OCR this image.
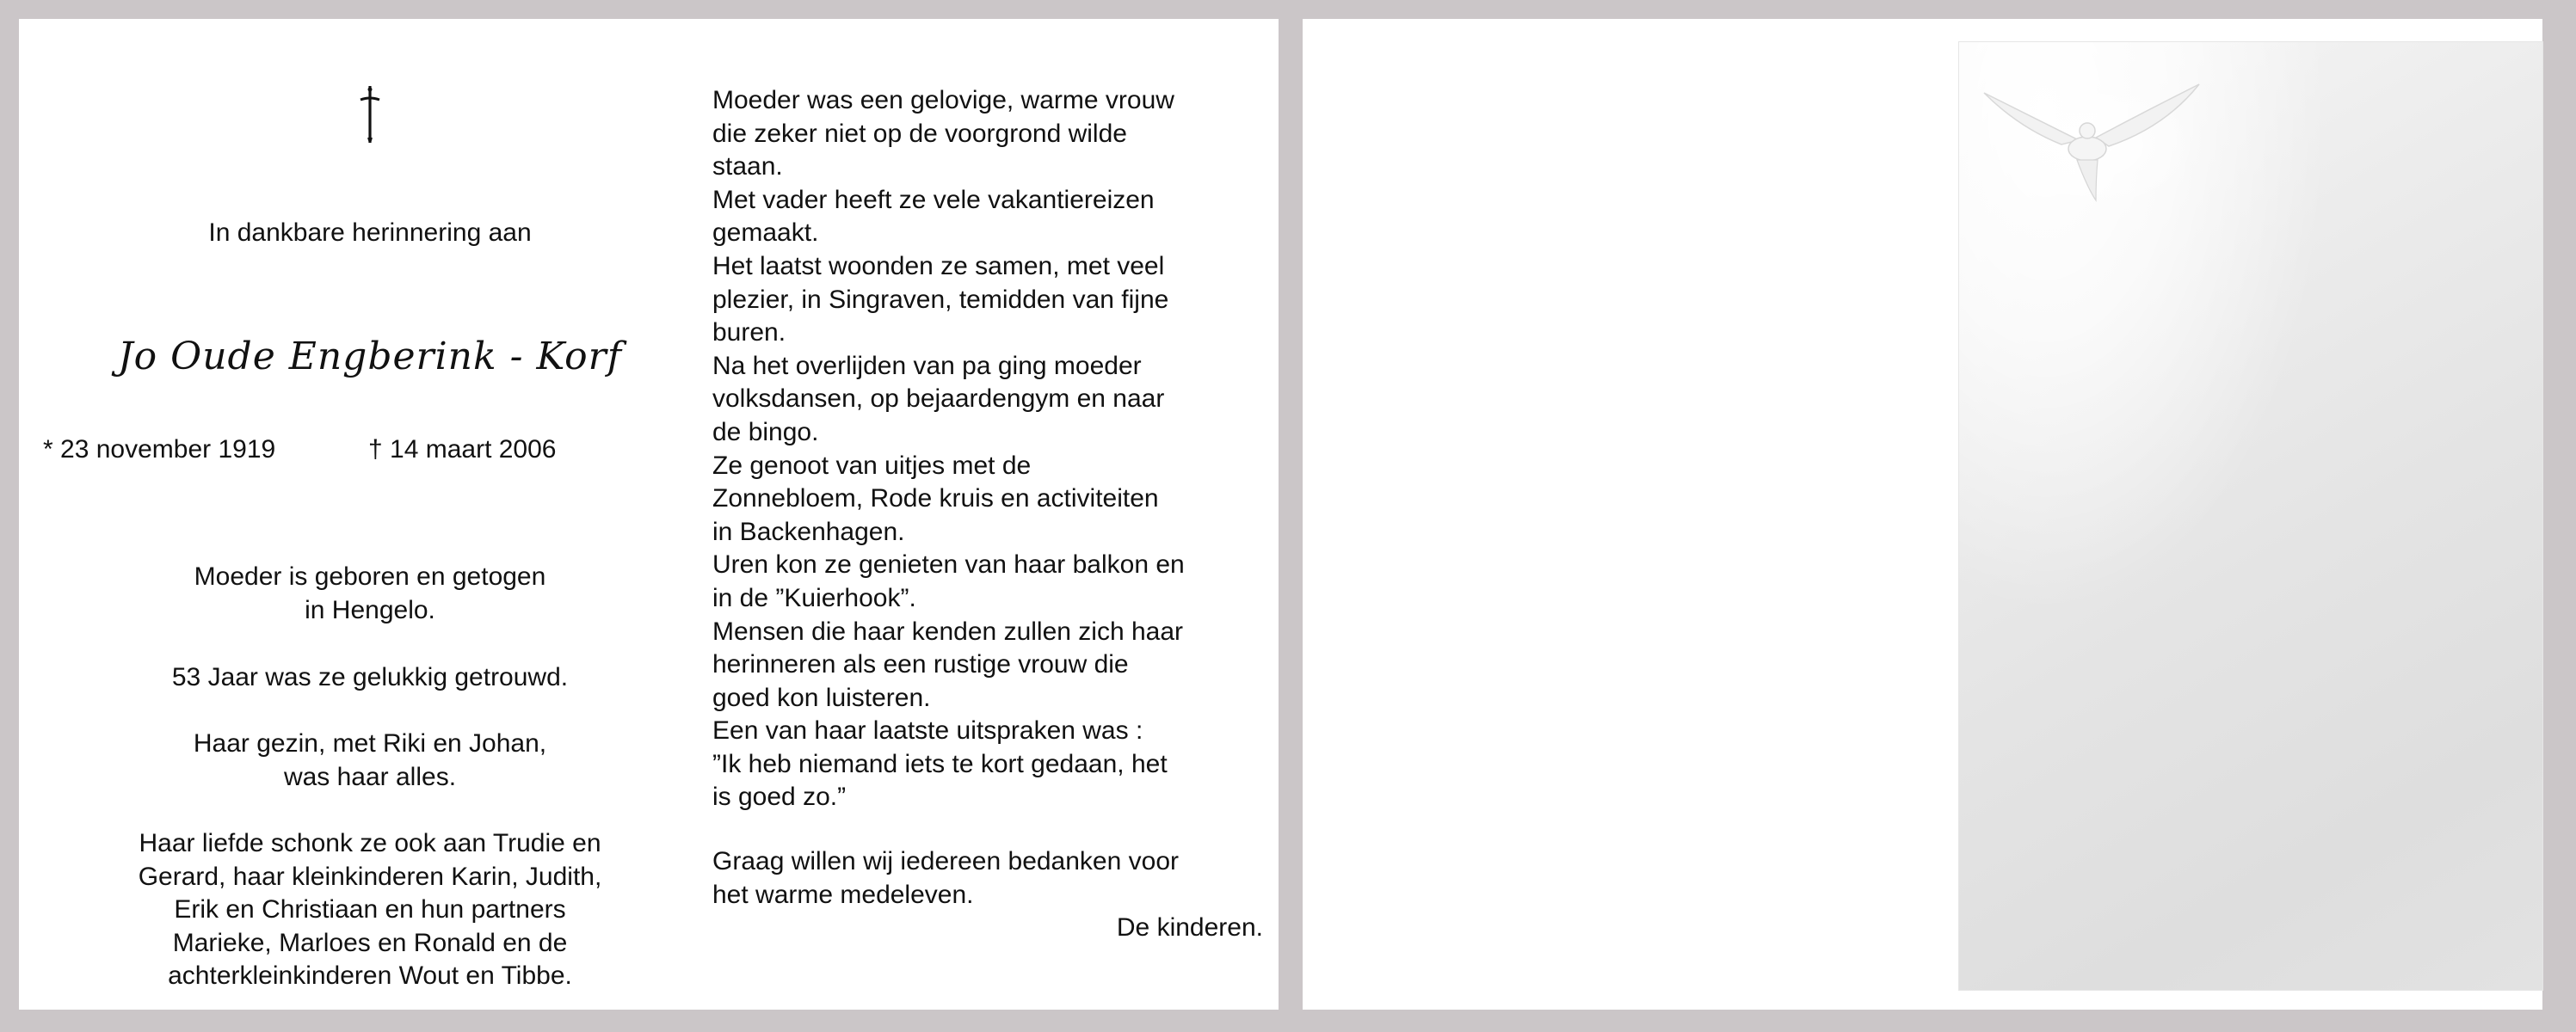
In dankbare herinnering aan
Jo Oude Engberink - Korf
* 23 november 1919	† 14 maart 2006
Moeder is geboren en getogen
in Hengelo.
53 Jaar was ze gelukkig getrouwd.
Haar gezin, met Riki en Johan,
was haar alles.
Haar liefde schonk ze ook aan Trudie en
Gerard, haar kleinkinderen Karin, Judith,
Erik en Christiaan en hun partners
Marieke, Marloes en Ronald en de
achterkleinkinderen Wout en Tibbe.
Moeder was een gelovige, warme vrouw
die zeker niet op de voorgrond wilde
staan.
Met vader heeft ze vele vakantiereizen
gemaakt.
Het laatst woonden ze samen, met veel
plezier, in Singraven, temidden van fijne
buren.
Na het overlijden van pa ging moeder
volksdansen, op bejaardengym en naar
de bingo.
Ze genoot van uitjes met de
Zonnebloem, Rode kruis en activiteiten
in Backenhagen.
Uren kon ze genieten van haar balkon en
in de ”Kuierhook”.
Mensen die haar kenden zullen zich haar
herinneren als een rustige vrouw die
goed kon luisteren.
Een van haar laatste uitspraken was :
”Ik heb niemand iets te kort gedaan, het
is goed zo.”
Graag willen wij iedereen bedanken voor
het warme medeleven.
De kinderen.
